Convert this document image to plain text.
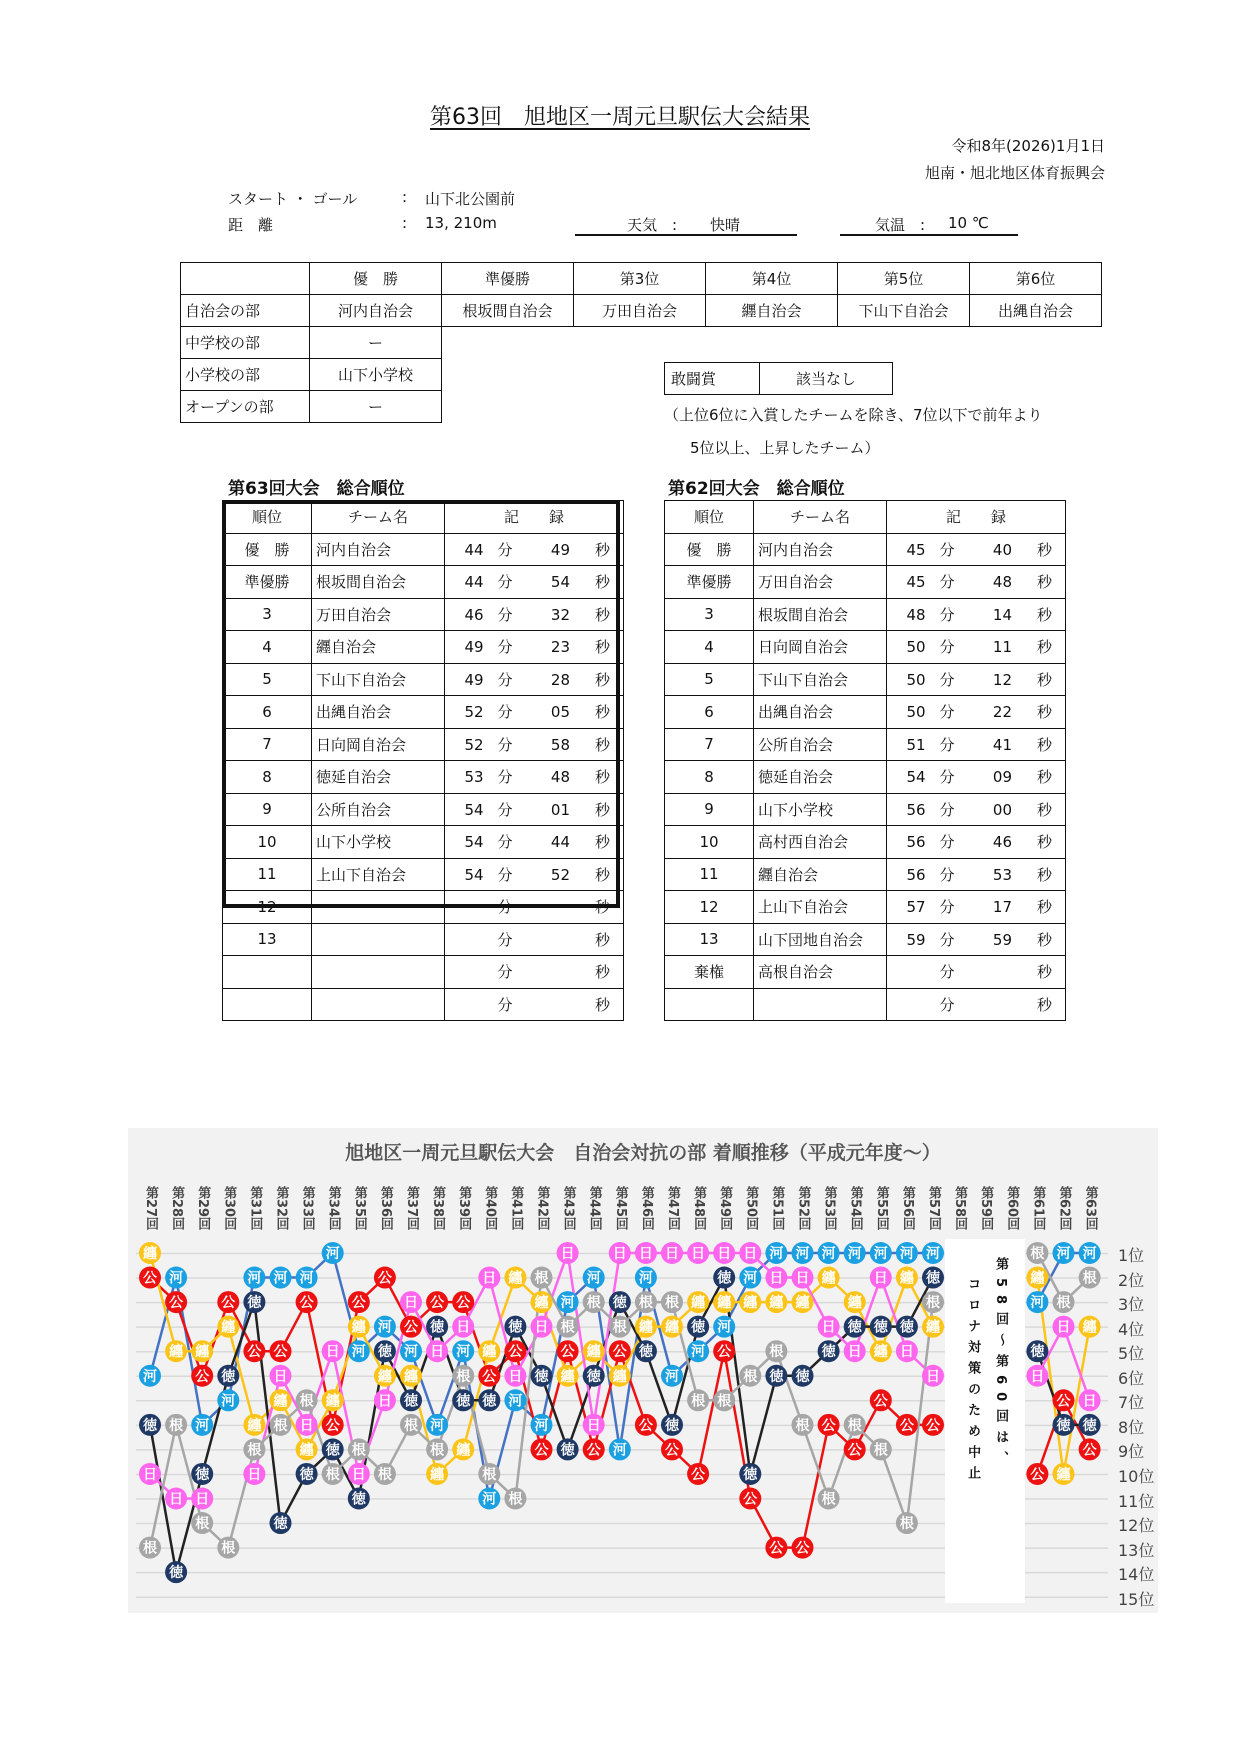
第63回　旭地区一周元旦駅伝大会結果
令和8年(2026)1月1日
旭南・旭北地区体育振興会
スタート ・ ゴール	: 山下北公園前
距　離	: 13, 210m	天気　: 快晴	気温　: 10 ℃
	優　勝	準優勝	第3位	第4位	第5位	第6位
自治会の部	河内自治会	根坂間自治会	万田自治会	纒自治会	下山下自治会	出縄自治会
中学校の部	ー					
小学校の部	山下小学校					
オープンの部	ー					
敢闘賞	該当なし
（上位6位に入賞したチームを除き、7位以下で前年より
5位以上、上昇したチーム）
第63回大会　総合順位
順位	チーム名	記　　録
優　勝	河内自治会	44 分 49 秒
準優勝	根坂間自治会	44 分 54 秒
3	万田自治会	46 分 32 秒
4	纒自治会	49 分 23 秒
5	下山下自治会	49 分 28 秒
6	出縄自治会	52 分 05 秒
7	日向岡自治会	52 分 58 秒
8	徳延自治会	53 分 48 秒
9	公所自治会	54 分 01 秒
10	山下小学校	54 分 44 秒
11	上山下自治会	54 分 52 秒
12		分 秒
13		分 秒
		分 秒
		分 秒
第62回大会　総合順位
順位	チーム名	記　　録
優　勝	河内自治会	45 分 40 秒
準優勝	万田自治会	45 分 48 秒
3	根坂間自治会	48 分 14 秒
4	日向岡自治会	50 分 11 秒
5	下山下自治会	50 分 12 秒
6	出縄自治会	50 分 22 秒
7	公所自治会	51 分 41 秒
8	徳延自治会	54 分 09 秒
9	山下小学校	56 分 00 秒
10	高村西自治会	56 分 46 秒
11	纒自治会	56 分 53 秒
12	上山下自治会	57 分 17 秒
13	山下団地自治会	59 分 59 秒
棄権	高根自治会	分 秒
		分 秒
旭地区一周元旦駅伝大会　自治会対抗の部 着順推移（平成元年度〜）
第27回 第28回 第29回 第30回 第31回 第32回 第33回 第34回 第35回 第36回 第37回 第38回 第39回 第40回 第41回 第42回 第43回 第44回 第45回 第46回 第47回 第48回 第49回 第50回 第51回 第52回 第53回 第54回 第55回 第56回 第57回 第58回 第59回 第60回 第61回 第62回 第63回
1位
2位
3位
4位
5位
6位
7位
8位
9位
10位
11位
12位
13位
14位
15位
河
河
河
河
河 河 河
河
河
河
河
河
河
河
河
河
河
河
河
河
河
河
河
河
河 河 河 河 河 河 河
河
河 河
公
公
公
公
公 公
公
公
公
公
公
公 公
公
公
公
公
公
公
公
公
公
公
公
公 公
公
公
公
公 公
公
公
公
纏
纏 纏
纏
纏
纏
纏
纏
纏
纏 纏
纏
纏
纏
纏
纏
纏
纏
纏
纏 纏
纏 纏 纏 纏 纏
纏
纏
纏
纏
纏
纏
纏
纏
徳
徳
徳
徳
徳
徳
徳
徳
徳
徳
徳
徳
徳 徳
徳
徳
徳
徳
徳
徳
徳
徳
徳
徳
徳 徳
徳
徳 徳 徳
徳
徳
徳 徳
日
日 日
日
日
日
日
日
日
日
日
日
日
日
日
日
日
日 日 日 日 日 日
日 日
日
日
日
日
日	日
日
日
根
根
根
根
根
根
根
根
根
根
根
根
根
根
根
根
根
根
根
根 根
根 根
根
根
根
根
根
根
根
根
根
根
根
第58回〜第60回は、
コロナ対策のため中止
